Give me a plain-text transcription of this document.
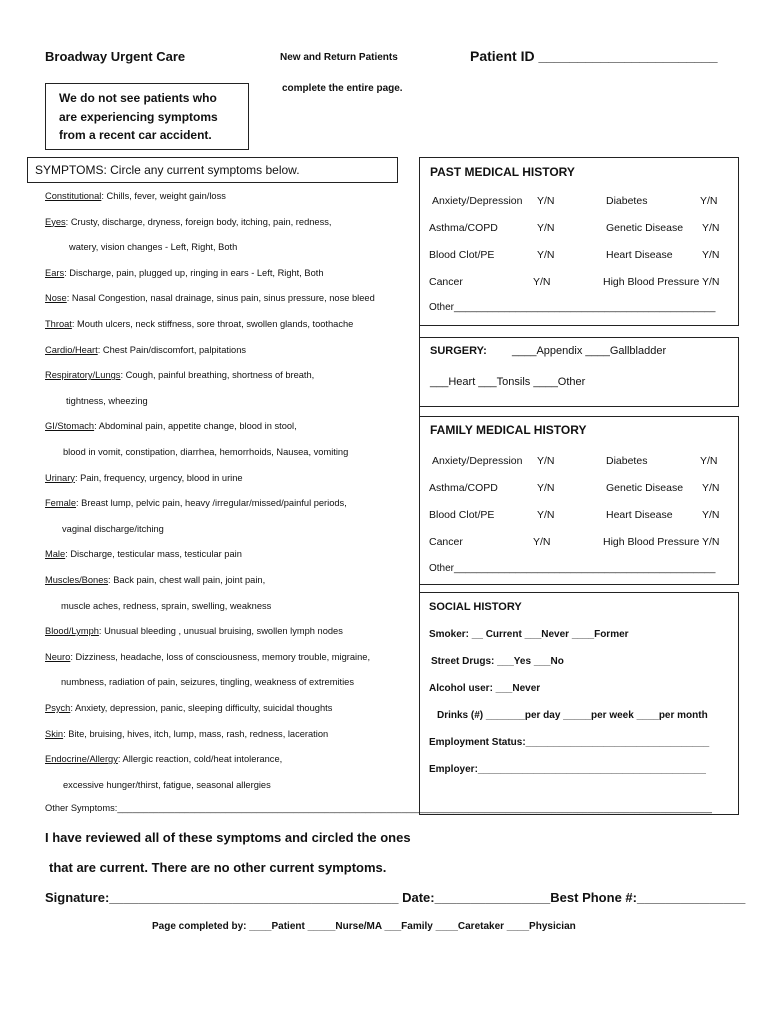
Broadway Urgent Care	New and Return Patients	Patient ID _______________________
complete the entire page.
We do not see patients who
are experiencing symptoms
from a recent car accident.
SYMPTOMS: Circle any current symptoms below.
Constitutional: Chills, fever, weight gain/loss
Eyes: Crusty, discharge, dryness, foreign body, itching, pain, redness,
watery, vision changes - Left, Right, Both
Ears: Discharge, pain, plugged up, ringing in ears - Left, Right, Both
Nose: Nasal Congestion, nasal drainage, sinus pain, sinus pressure, nose bleed
Throat: Mouth ulcers, neck stiffness, sore throat, swollen glands, toothache
Cardio/Heart: Chest Pain/discomfort, palpitations
Respiratory/Lungs: Cough, painful breathing, shortness of breath,
tightness, wheezing
GI/Stomach: Abdominal pain, appetite change, blood in stool,
blood in vomit, constipation, diarrhea, hemorrhoids, Nausea, vomiting
Urinary: Pain, frequency, urgency, blood in urine
Female: Breast lump, pelvic pain, heavy /irregular/missed/painful periods,
vaginal discharge/itching
Male: Discharge, testicular mass, testicular pain
Muscles/Bones: Back pain, chest wall pain, joint pain,
muscle aches, redness, sprain, swelling, weakness
Blood/Lymph: Unusual bleeding , unusual bruising, swollen lymph nodes
Neuro: Dizziness, headache, loss of consciousness, memory trouble, migraine,
numbness, radiation of pain, seizures, tingling, weakness of extremities
Psych: Anxiety, depression, panic, sleeping difficulty, suicidal thoughts
Skin: Bite, bruising, hives, itch, lump, mass, rash, redness, laceration
Endocrine/Allergy: Allergic reaction, cold/heat intolerance,
excessive hunger/thirst, fatigue, seasonal allergies
Other Symptoms:___________________________________________________________________________________________________________________
PAST MEDICAL HISTORY
Anxiety/Depression Y/N	Diabetes	Y/N
Asthma/COPD	Y/N	Genetic Disease Y/N
Blood Clot/PE	Y/N	Heart Disease	Y/N
Cancer	Y/N	High Blood Pressure Y/N
Other_______________________________________________
SURGERY: ____Appendix ____Gallbladder
___Heart ___Tonsils ____Other
FAMILY MEDICAL HISTORY
Anxiety/Depression Y/N	Diabetes	Y/N
Asthma/COPD	Y/N	Genetic Disease Y/N
Blood Clot/PE	Y/N	Heart Disease	Y/N
Cancer	Y/N	High Blood Pressure Y/N
Other_______________________________________________
SOCIAL HISTORY
Smoker: __ Current ___Never ____Former
Street Drugs: ___Yes ___No
Alcohol user: ___Never
Drinks (#) _______per day _____per week ____per month
Employment Status:_________________________________
Employer:_________________________________________
I have reviewed all of these symptoms and circled the ones
that are current. There are no other current symptoms.
Signature:________________________________________ Date:________________Best Phone #:_______________
Page completed by: ____Patient _____Nurse/MA ___Family ____Caretaker ____Physician
